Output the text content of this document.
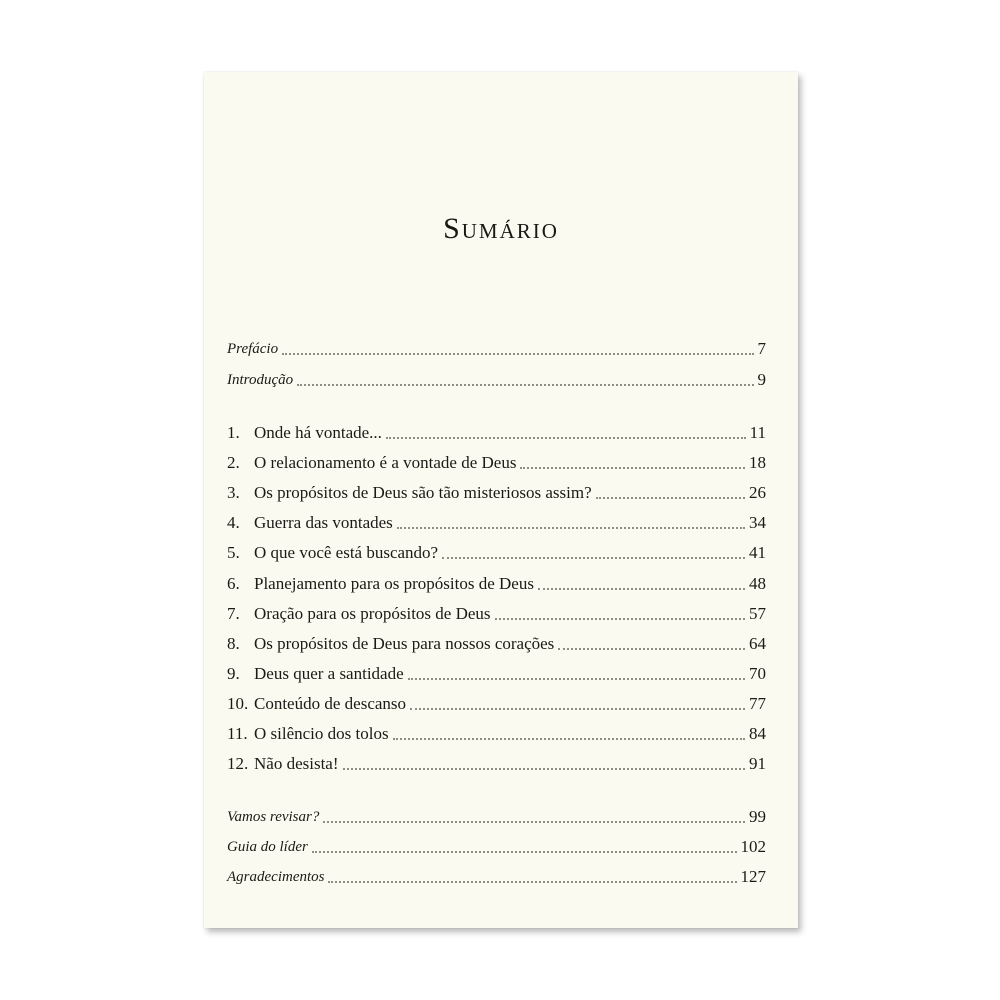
Sumário
Prefácio	7
Introdução	9
1. Onde há vontade...	11
2. O relacionamento é a vontade de Deus	18
3. Os propósitos de Deus são tão misteriosos assim?	26
4. Guerra das vontades	34
5. O que você está buscando?	41
6. Planejamento para os propósitos de Deus	48
7. Oração para os propósitos de Deus	57
8. Os propósitos de Deus para nossos corações	64
9. Deus quer a santidade	70
10. Conteúdo de descanso	77
11. O silêncio dos tolos	84
12. Não desista!	91
Vamos revisar?	99
Guia do líder	102
Agradecimentos	127
